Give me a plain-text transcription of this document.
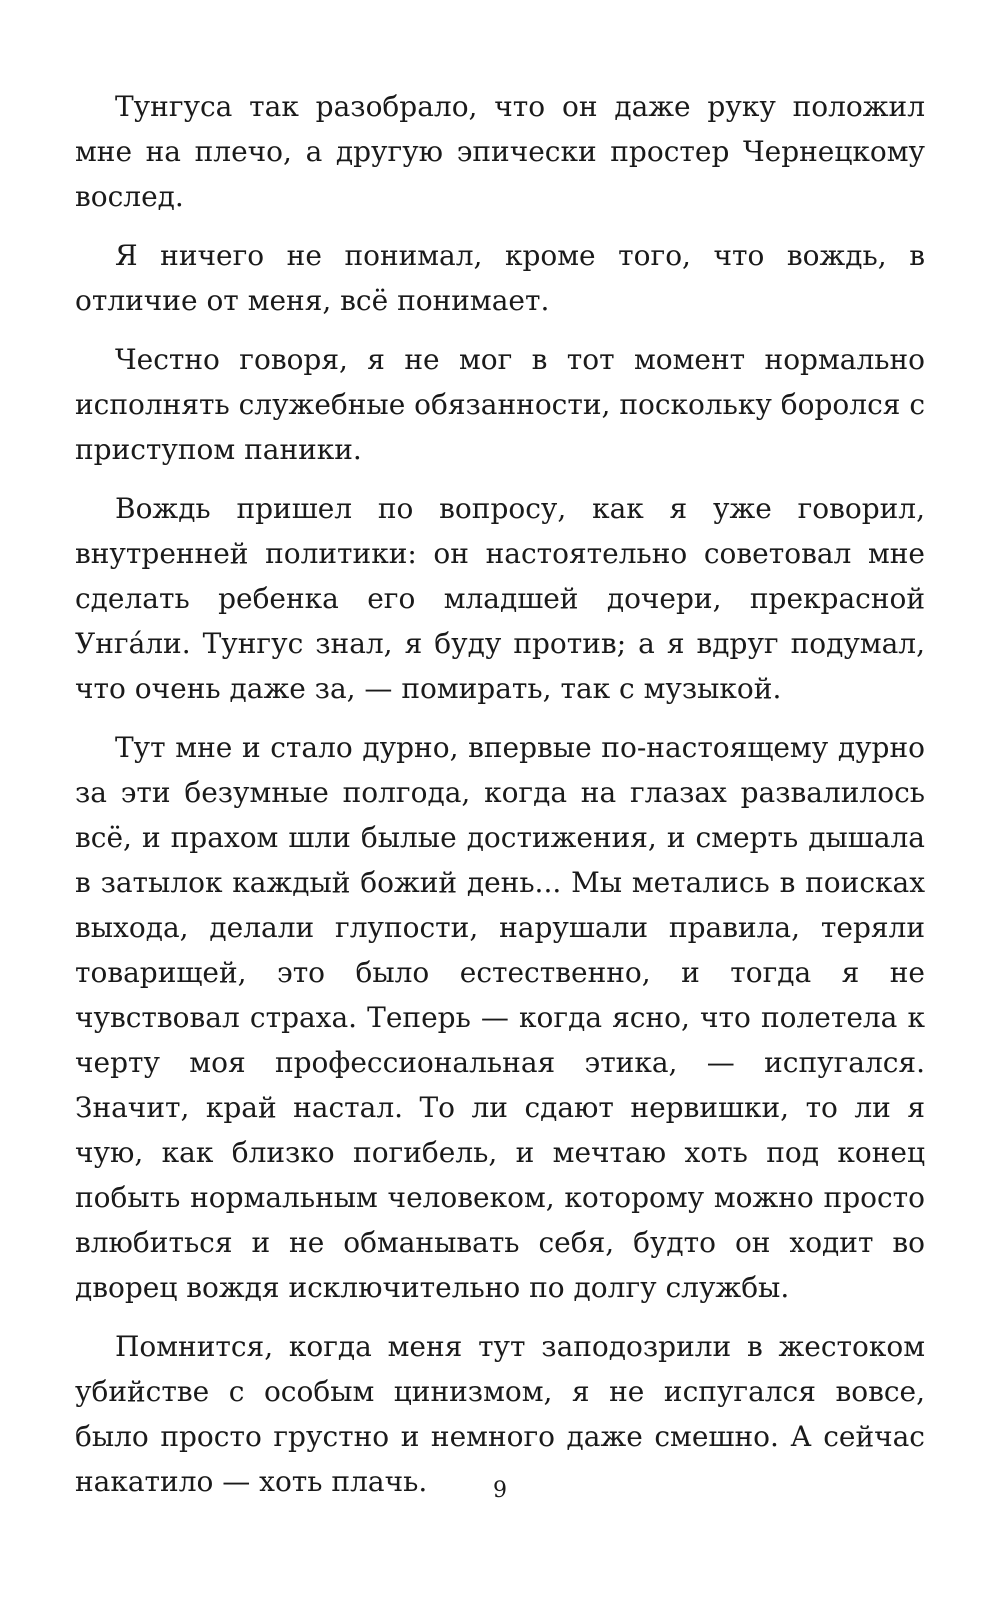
Тунгуса так разобрало, что он даже руку положил мне на плечо, а другую эпически простер Чернецкому вослед.

Я ничего не понимал, кроме того, что вождь, в отличие от меня, всё понимает.

Честно говоря, я не мог в тот момент нормально исполнять служебные обязанности, поскольку боролся с приступом паники.

Вождь пришел по вопросу, как я уже говорил, внутренней политики: он настоятельно советовал мне сделать ребенка его младшей дочери, прекрасной Унгáли. Тунгус знал, я буду против; а я вдруг подумал, что очень даже за, — помирать, так с музыкой.

Тут мне и стало дурно, впервые по-настоящему дурно за эти безумные полгода, когда на глазах развалилось всё, и прахом шли былые достижения, и смерть дышала в затылок каждый божий день... Мы метались в поисках выхода, делали глупости, нарушали правила, теряли товарищей, это было естественно, и тогда я не чувствовал страха. Теперь — когда ясно, что полетела к черту моя профессиональная этика, — испугался. Значит, край настал. То ли сдают нервишки, то ли я чую, как близко погибель, и мечтаю хоть под конец побыть нормальным человеком, которому можно просто влюбиться и не обманывать себя, будто он ходит во дворец вождя исключительно по долгу службы.

Помнится, когда меня тут заподозрили в жестоком убийстве с особым цинизмом, я не испугался вовсе, было просто грустно и немного даже смешно. А сейчас накатило — хоть плачь.	9
